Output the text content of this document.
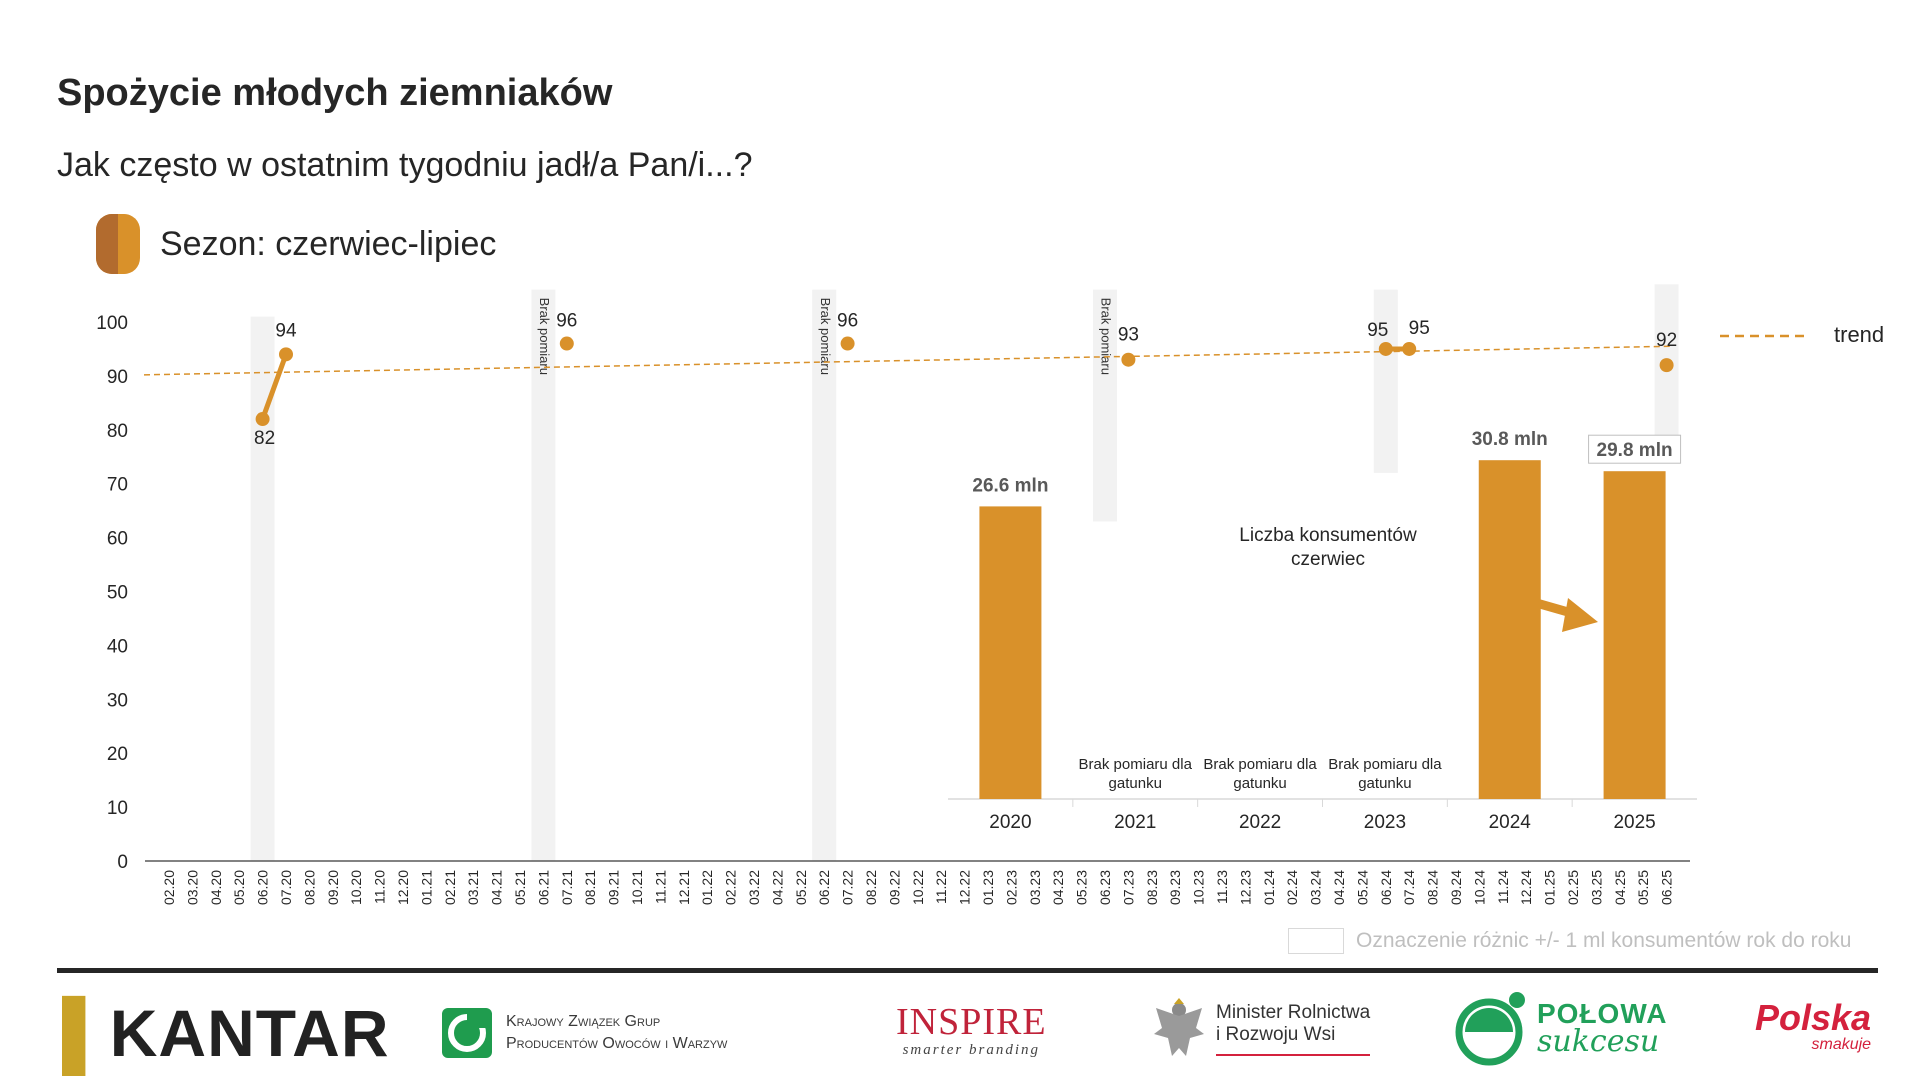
Spożycie młodych ziemniaków
Jak często w ostatnim tygodniu jadł/a Pan/i...?
Sezon: czerwiec-lipiec
Brak pomiaru	Brak pomiaru	Brak pomiaru
0
10
20
30
40
50
60
70
80
90
100
02.20 03.20 04.20 05.20 06.20 07.20 08.20 09.20 10.20 11.20 12.20 01.21 02.21 03.21 04.21 05.21 06.21 07.21 08.21 09.21 10.21 11.21 12.21 01.22 02.22 03.22 04.22 05.22 06.22 07.22 08.22 09.22 10.22 11.22 12.22 01.23 02.23 03.23 04.23 05.23 06.23 07.23 08.23 09.23 10.23 11.23 12.23 01.24 02.24 03.24 04.24 05.24 06.24 07.24 08.24 09.24 10.24 11.24 12.24 01.25 02.25 03.25 04.25 05.25 06.25
trend
82
94	96	96
93	95 95
92
Liczba konsumentów
czerwiec
2020
26.6 mln
2021
Brak pomiaru dla
gatunku
2022
Brak pomiaru dla
gatunku
2023
Brak pomiaru dla
gatunku
2024
30.8 mln
2025
29.8 mln
Oznaczenie różnic +/- 1 ml konsumentów rok do roku
▌KANTAR	Krajowy Związek Grup
Producentów Owoców i Warzyw
INSPIRE
smarter branding
Minister Rolnictwa
i Rozwoju Wsi
POŁOWA
sukcesu
Polska
smakuje
